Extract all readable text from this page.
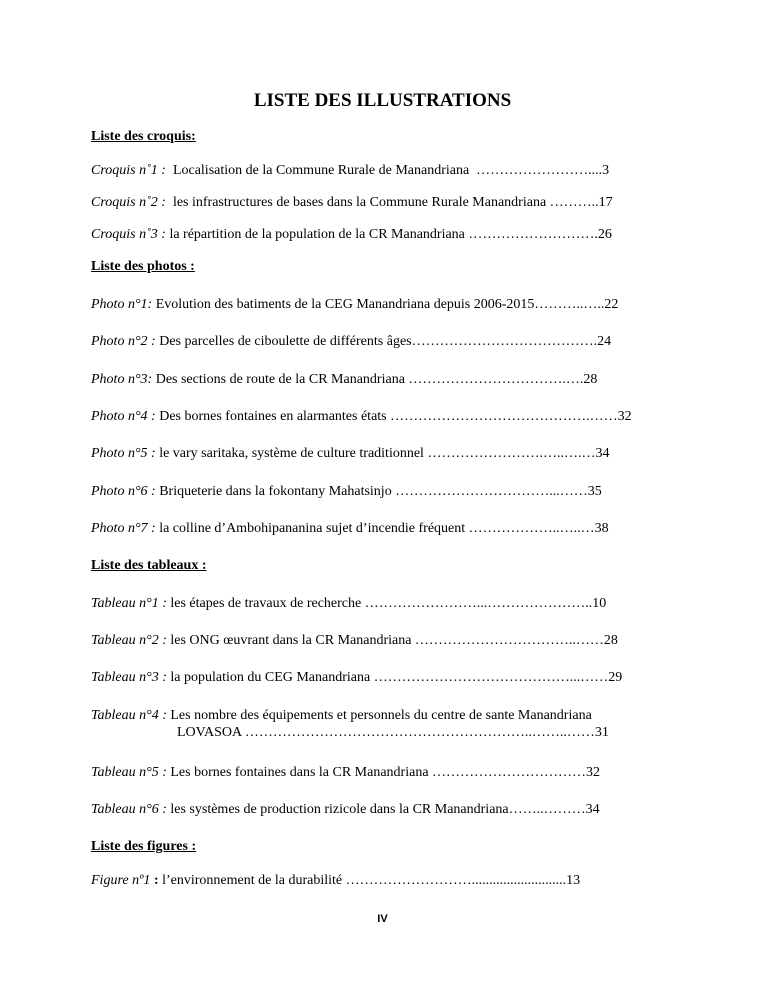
LISTE DES ILLUSTRATIONS
Liste des croquis:
Croquis n˚1 :  Localisation de la Commune Rurale de Manandriana  ……………………....3
Croquis n˚2 :  les infrastructures de bases dans la Commune Rurale Manandriana ………..17
Croquis n˚3 : la répartition de la population de la CR Manandriana ……………………….26
Liste des photos :
Photo n°1: Evolution des batiments de la CEG Manandriana depuis 2006-2015………..…..22
Photo n°2 : Des parcelles de ciboulette de différents âges………………………………….24
Photo n°3: Des sections de route de la CR Manandriana …………………………….….28
Photo n°4 : Des bornes fontaines en alarmantes états …………………………………….……32
Photo n°5 : le vary saritaka, système de culture traditionnel …………………….…..….…34
Photo n°6 : Briqueterie dans la fokontany Mahatsinjo ……………………………...……35
Photo n°7 : la colline d’Ambohipananina sujet d’incendie fréquent ………………..…..…38
Liste des tableaux :
Tableau n°1 : les étapes de travaux de recherche ……………………...…………………..10
Tableau n°2 : les ONG œuvrant dans la CR Manandriana ……………………………..……28
Tableau n°3 : la population du CEG Manandriana ……………………………………...……29
Tableau n°4 : Les nombre des équipements et personnels du centre de sante Manandriana
LOVASOA ……………………………………………………..……..……31
Tableau n°5 : Les bornes fontaines dans la CR Manandriana ……………………………32
Tableau n°6 : les systèmes de production rizicole dans la CR Manandriana……..………34
Liste des figures :
Figure nº1 : l’environnement de la durabilité ………………………...........................13
IV
